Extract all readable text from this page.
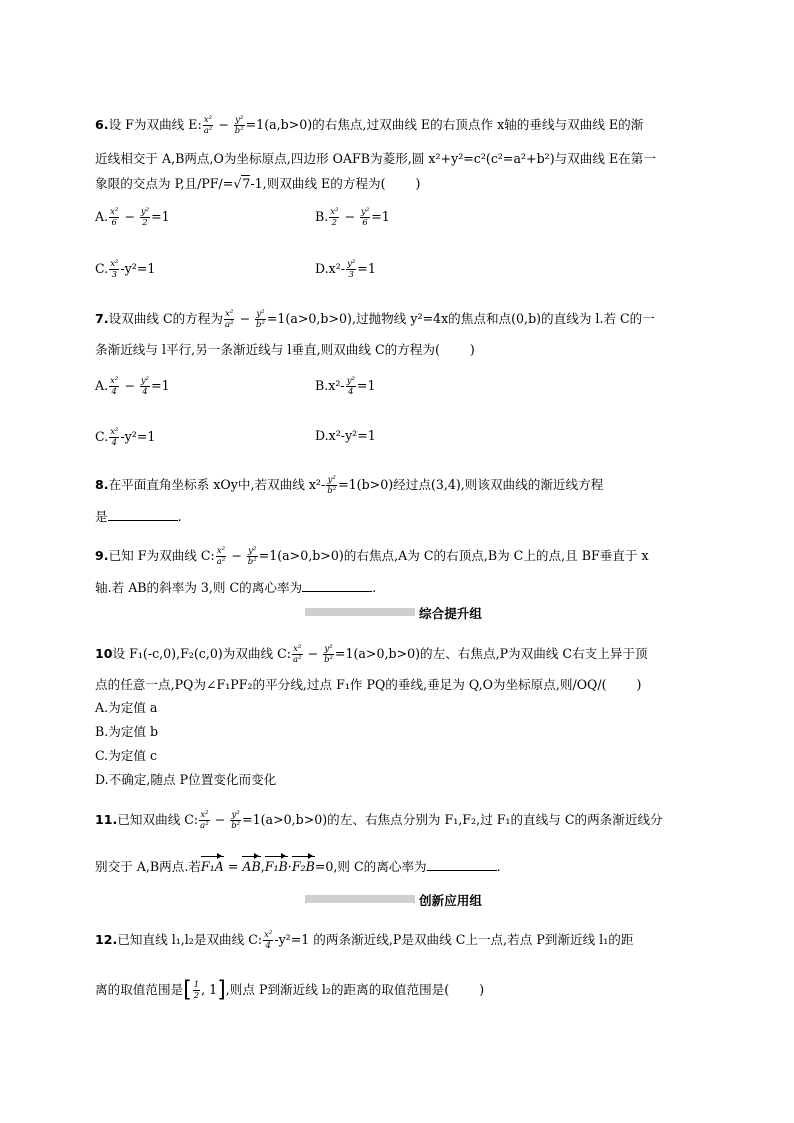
6.设 F为双曲线 E: $\frac{\text{x²}}{\text{a²}} - \frac{\text{y²}}{\text{b²}} =1(a,b>0)$的右焦点,过双曲线 E的右顶点作 x轴的垂线与双曲线 E的渐
近线相交于 A,B两点,O为坐标原点,四边形 OAFB为菱形,圆 x²+y²=c²(c²=a²+b²)与双曲线 E在第一
象限的交点为 P,且/PF/=√7-1,则双曲线 E的方程为( )
A. $\frac{\text{x²}}{6} - \frac{\text{y²}}{2} =1$	B. $\frac{\text{x²}}{2} - \frac{\text{y²}}{6} =1$
C. $\frac{\text{x²}}{3} -y^2=1$	$D.x^2- \frac{\text{y²}}{3} =1$
7.设双曲线 C的方程为 $\frac{\text{x²}}{\text{a²}} - \frac{\text{y²}}{\text{b²}} =1(a>0,b>0)$,过抛物线 y²=4x的焦点和点(0,b)的直线为 l.若 C的一
条渐近线与 l平行,另一条渐近线与 l垂直,则双曲线 C的方程为( )
A. $\frac{\text{x²}}{4} - \frac{\text{y²}}{4} =1$	$B.x^2- \frac{\text{y²}}{4} =1$
C. $\frac{\text{x²}}{4} -y^2=1$	D.x²-y²=1
8.在平面直角坐标系 xOy中,若双曲线 $x^2- \frac{\text{y²}}{\text{b²}} =1(b>0)$经过点(3,4),则该双曲线的渐近线方程
是	.
9.已知 F为双曲线 C: $\frac{\text{x²}}{\text{a²}} - \frac{\text{y²}}{\text{b²}} =1(a>0,b>0)$的右焦点,A为 C的右顶点,B为 C上的点,且 BF垂直于 x
轴.若 AB的斜率为 3,则 C的离心率为	.
综合提升组
10设 F₁(-c,0),F₂(c,0)为双曲线 C: $\frac{\text{x²}}{\text{a²}} - \frac{\text{y²}}{\text{b²}} =1(a>0,b>0)$的左、右焦点,P为双曲线 C右支上异于顶
点的任意一点,PQ为∠F₁PF₂的平分线,过点 F₁作 PQ的垂线,垂足为 Q,O为坐标原点,则/OQ/( )
A.为定值 a
B.为定值 b
C.为定值 c
D.不确定,随点 P位置变化而变化
11.已知双曲线 C: $\frac{\text{x²}}{\text{a²}} - \frac{\text{y²}}{\text{b²}} =1(a>0,b>0)$的左、右焦点分别为 F₁,F₂,过 F₁的直线与 C的两条渐近线分
别交于 A,B两点.若F₁A = AB,F₁B·F₂B=0,则 C的离心率为	.
创新应用组
12.已知直线 l₁,l₂是双曲线 C: $\frac{\text{x²}}{4} -y^2=1$ 的两条渐近线,P是双曲线 C上一点,若点 P到渐近线 l₁的距
离的取值范围是[ $\frac{1}{2}$ , 1],则点 P到渐近线 l₂的距离的取值范围是( )
